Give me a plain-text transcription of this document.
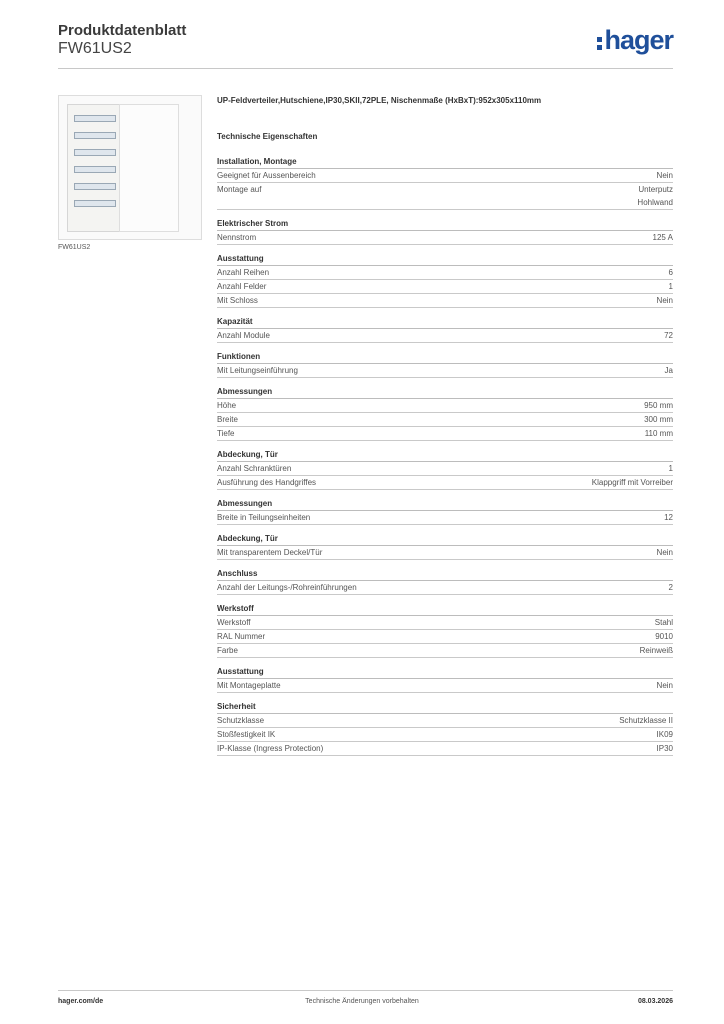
Produktdatenblatt
FW61US2	hager
FW61US2
UP-Feldverteiler,Hutschiene,IP30,SKII,72PLE, Nischenmaße (HxBxT):952x305x110mm
Technische Eigenschaften
Installation, Montage
Geeignet für Aussenbereich	Nein
Montage auf	Unterputz
Hohlwand
Elektrischer Strom
Nennstrom	125 A
Ausstattung
Anzahl Reihen	6
Anzahl Felder	1
Mit Schloss	Nein
Kapazität
Anzahl Module	72
Funktionen
Mit Leitungseinführung	Ja
Abmessungen
Höhe	950 mm
Breite	300 mm
Tiefe	110 mm
Abdeckung, Tür
Anzahl Schranktüren	1
Ausführung des Handgriffes	Klappgriff mit Vorreiber
Abmessungen
Breite in Teilungseinheiten	12
Abdeckung, Tür
Mit transparentem Deckel/Tür	Nein
Anschluss
Anzahl der Leitungs-/Rohreinführungen	2
Werkstoff
Werkstoff	Stahl
RAL Nummer	9010
Farbe	Reinweiß
Ausstattung
Mit Montageplatte	Nein
Sicherheit
Schutzklasse	Schutzklasse II
Stoßfestigkeit IK	IK09
IP-Klasse (Ingress Protection)	IP30
hager.com/de	Technische Änderungen vorbehalten	08.03.2026
